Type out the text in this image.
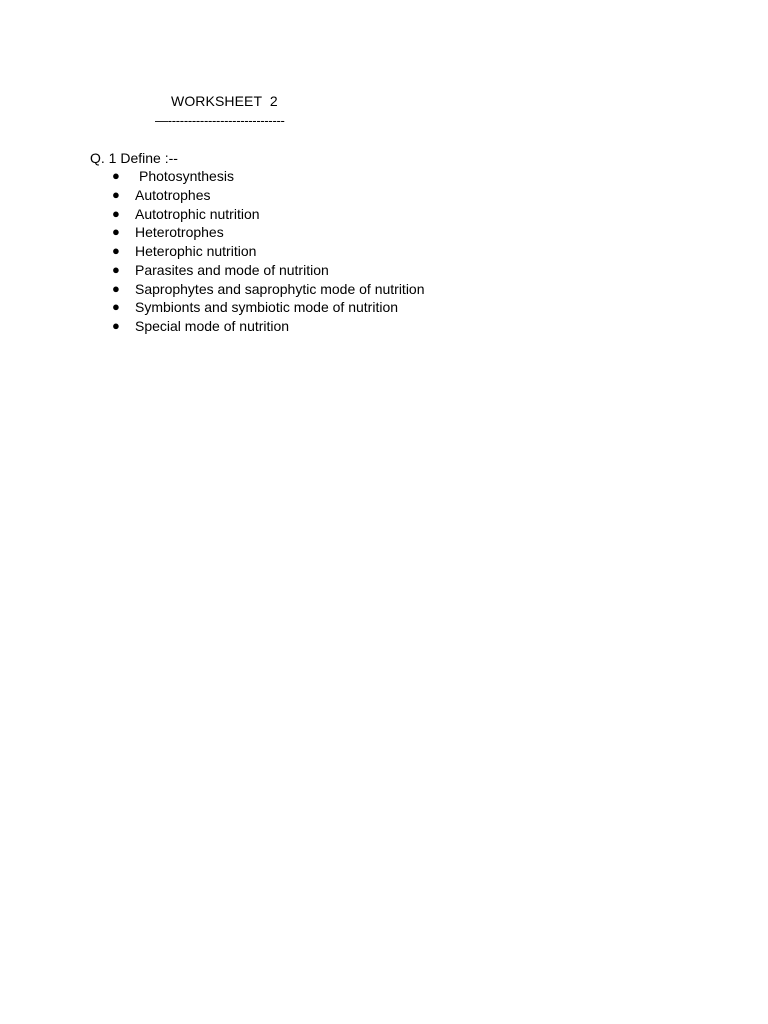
WORKSHEET  2
—-----------------------------
Q. 1 Define :--
●	Photosynthesis
●	Autotrophes
●	Autotrophic nutrition
●	Heterotrophes
●	Heterophic nutrition
●	Parasites and mode of nutrition
●	Saprophytes and saprophytic mode of nutrition
●	Symbionts and symbiotic mode of nutrition
●	Special mode of nutrition
